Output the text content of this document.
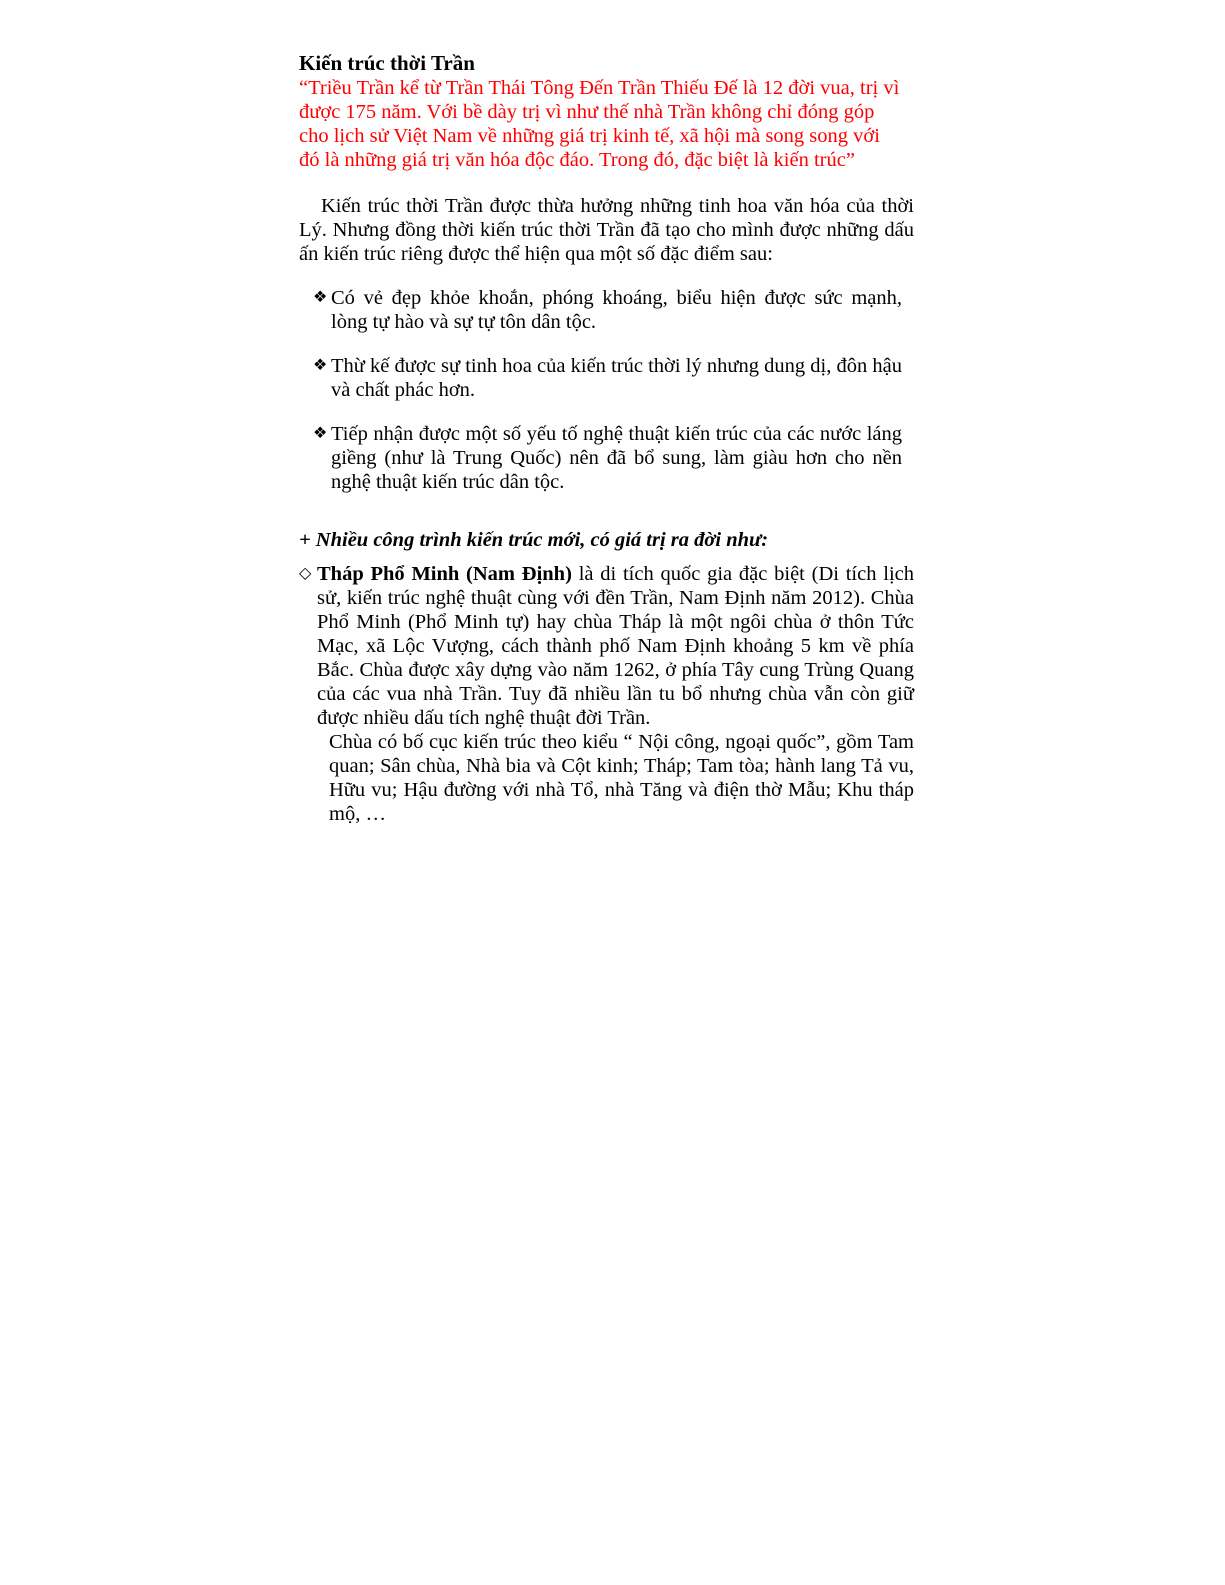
Kiến trúc thời Trần

“Triều Trần kể từ Trần Thái Tông Đến Trần Thiếu Đế là 12 đời vua, trị vì
được 175 năm. Với bề dày trị vì như thế nhà Trần không chỉ đóng góp
cho lịch sử Việt Nam về những giá trị kinh tế, xã hội mà song song với
đó là những giá trị văn hóa độc đáo. Trong đó, đặc biệt là kiến trúc”

Kiến trúc thời Trần được thừa hưởng những tinh hoa văn hóa của thời Lý. Nhưng đồng thời kiến trúc thời Trần đã tạo cho mình được những dấu ấn kiến trúc riêng được thể hiện qua một số đặc điểm sau:

❖ Có vẻ đẹp khỏe khoắn, phóng khoáng, biểu hiện được sức mạnh, lòng tự hào và sự tự tôn dân tộc.
❖ Thừ kế được sự tinh hoa của kiến trúc thời lý nhưng dung dị, đôn hậu và chất phác hơn.
❖ Tiếp nhận được một số yếu tố nghệ thuật kiến trúc của các nước láng giềng (như là Trung Quốc) nên đã bổ sung, làm giàu hơn cho nền nghệ thuật kiến trúc dân tộc.

+ Nhiều công trình kiến trúc mới, có giá trị ra đời như:

◇ Tháp Phổ Minh (Nam Định) là di tích quốc gia đặc biệt (Di tích lịch sử, kiến trúc nghệ thuật cùng với đền Trần, Nam Định năm 2012). Chùa Phổ Minh (Phổ Minh tự) hay chùa Tháp là một ngôi chùa ở thôn Tức Mạc, xã Lộc Vượng, cách thành phố Nam Định khoảng 5 km về phía Bắc. Chùa được xây dựng vào năm 1262, ở phía Tây cung Trùng Quang của các vua nhà Trần. Tuy đã nhiều lần tu bổ nhưng chùa vẫn còn giữ được nhiều dấu tích nghệ thuật đời Trần.

Chùa có bố cục kiến trúc theo kiểu “ Nội công, ngoại quốc”, gồm Tam quan; Sân chùa, Nhà bia và Cột kinh; Tháp; Tam tòa; hành lang Tả vu, Hữu vu; Hậu đường với nhà Tổ, nhà Tăng và điện thờ Mẫu; Khu tháp mộ, …
